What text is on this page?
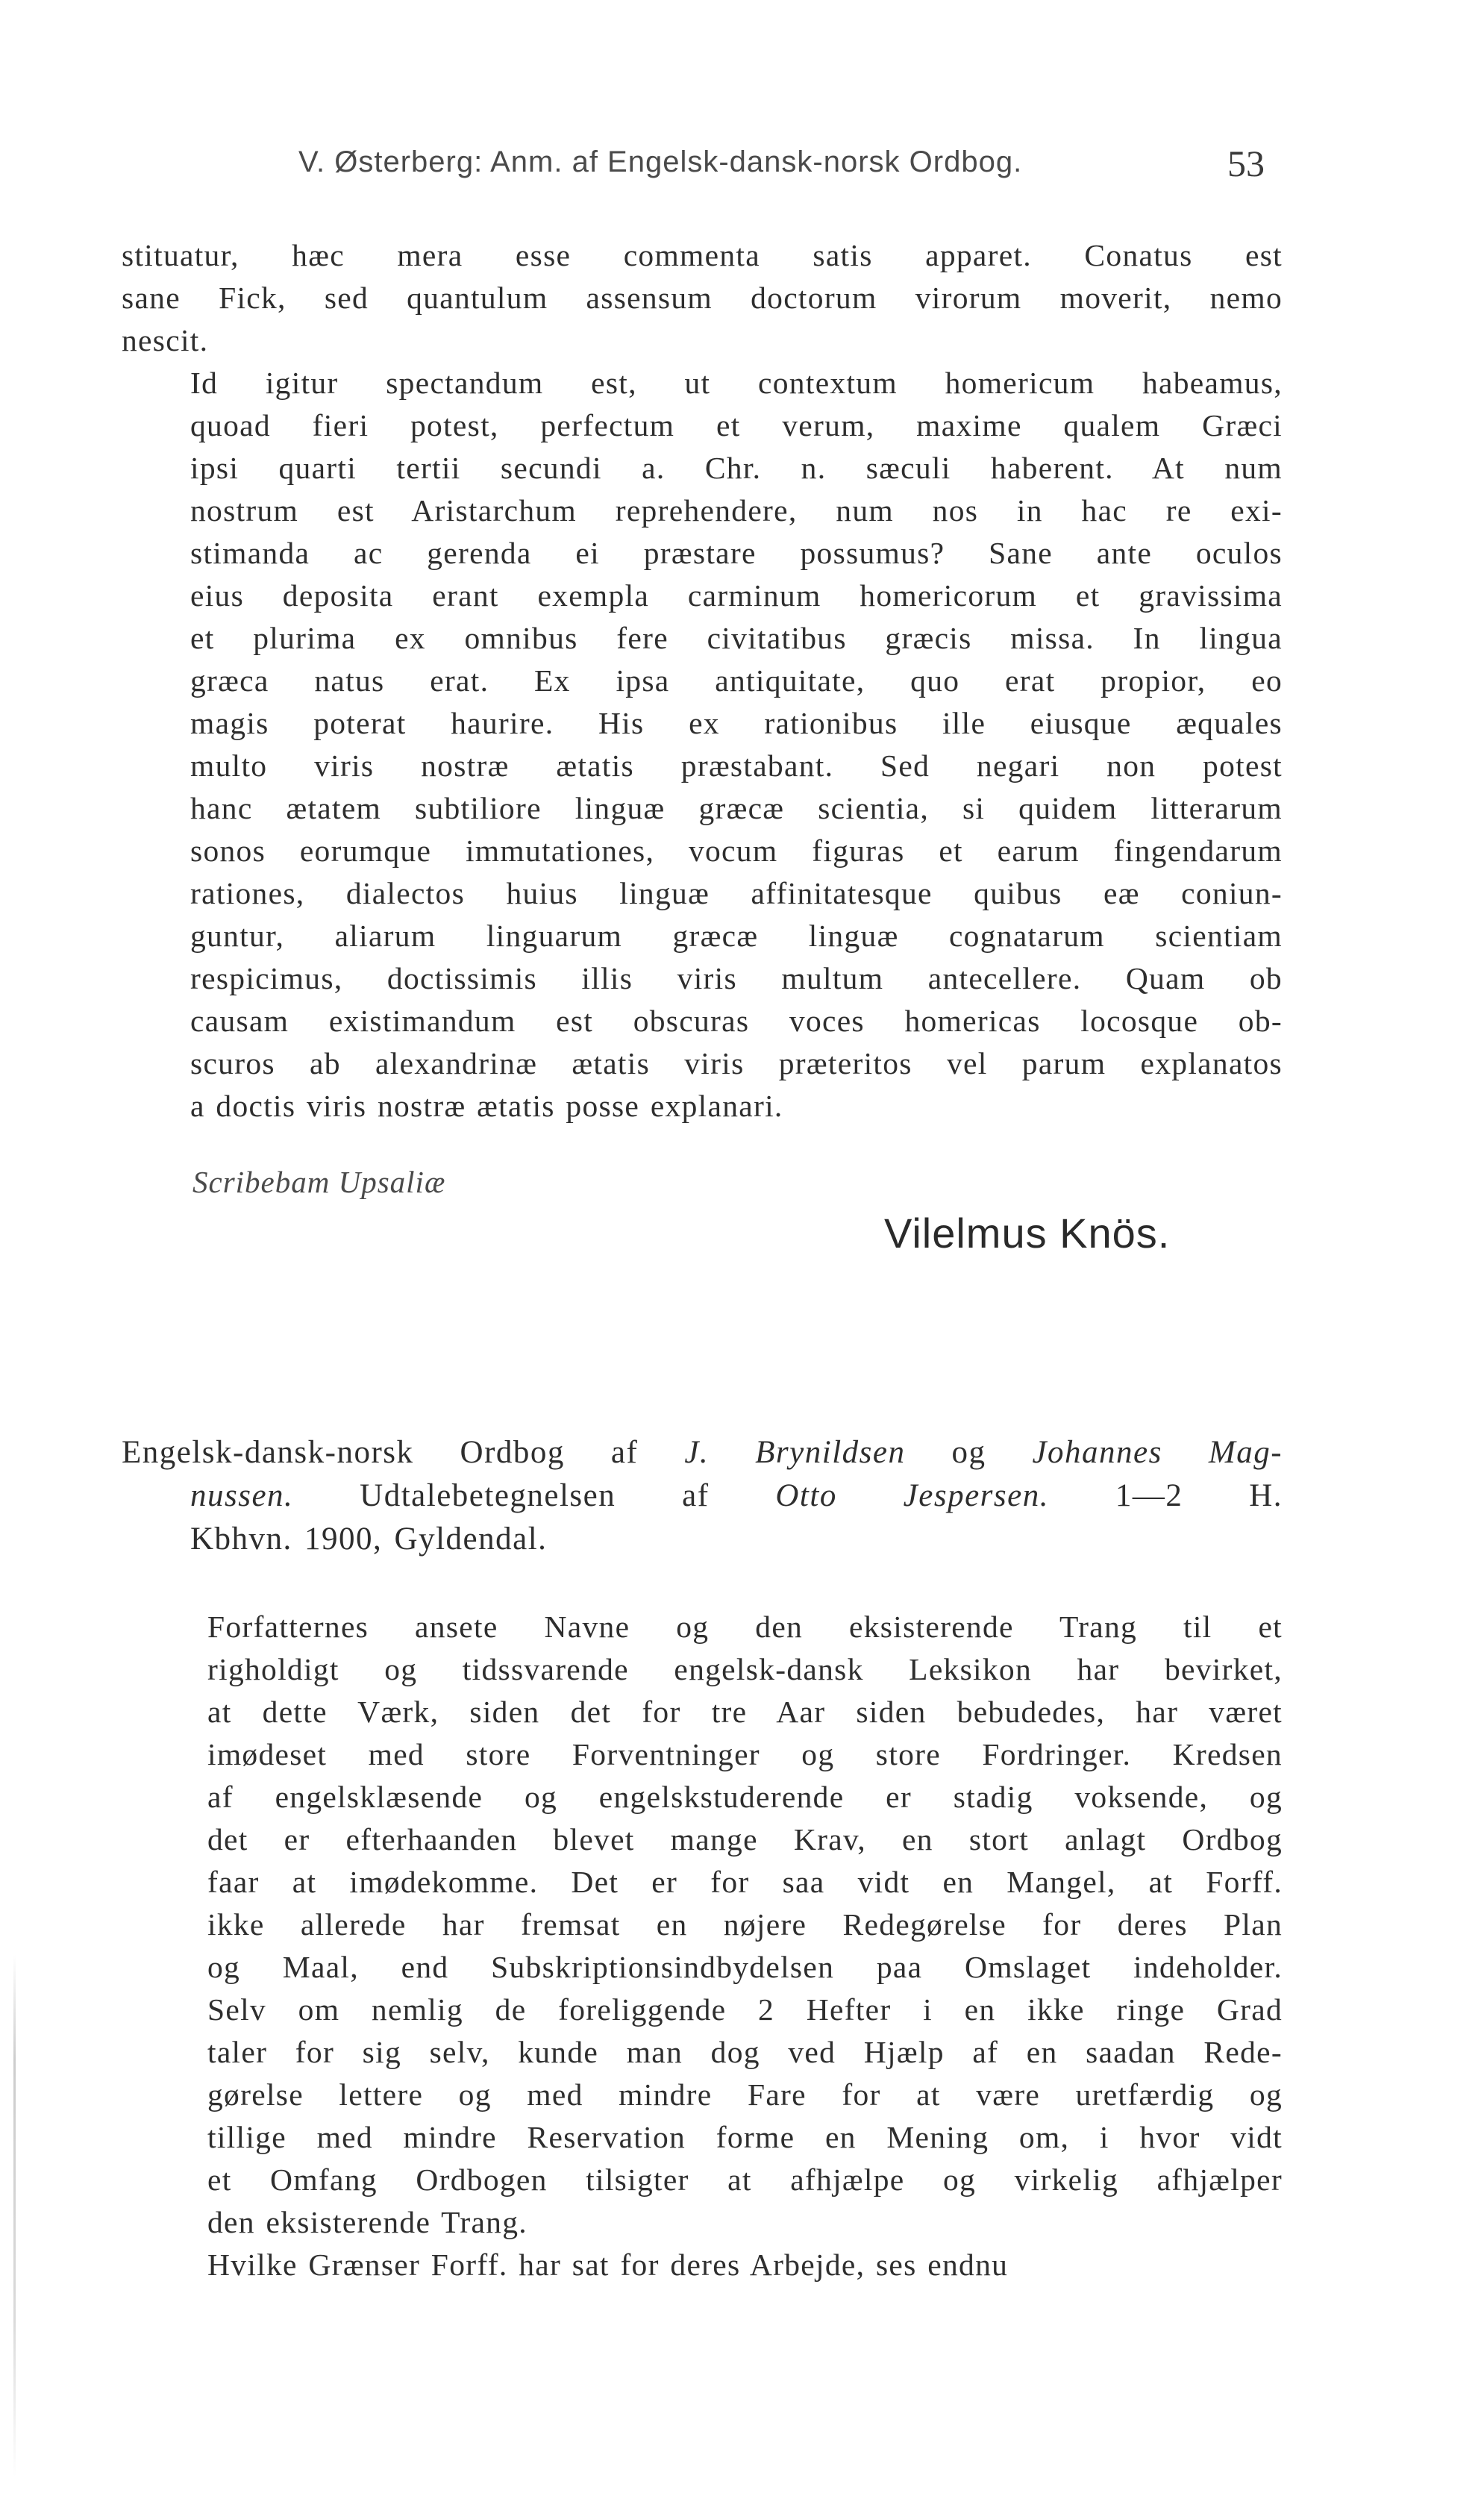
V. Østerberg: Anm. af Engelsk-dansk-norsk Ordbog.	53

stituatur, hæc mera esse commenta satis apparet. Conatus est
sane Fick, sed quantulum assensum doctorum virorum moverit, nemo
nescit.

Id igitur spectandum est, ut contextum homericum habeamus,
quoad fieri potest, perfectum et verum, maxime qualem Græci
ipsi quarti tertii secundi a. Chr. n. sæculi haberent. At num
nostrum est Aristarchum reprehendere, num nos in hac re exi-
stimanda ac gerenda ei præstare possumus? Sane ante oculos
eius deposita erant exempla carminum homericorum et gravissima
et plurima ex omnibus fere civitatibus græcis missa. In lingua
græca natus erat. Ex ipsa antiquitate, quo erat propior, eo
magis poterat haurire. His ex rationibus ille eiusque æquales
multo viris nostræ ætatis præstabant. Sed negari non potest
hanc ætatem subtiliore linguæ græcæ scientia, si quidem litterarum
sonos eorumque immutationes, vocum figuras et earum fingendarum
rationes, dialectos huius linguæ affinitatesque quibus eæ coniun-
guntur, aliarum linguarum græcæ linguæ cognatarum scientiam
respicimus, doctissimis illis viris multum antecellere. Quam ob
causam existimandum est obscuras voces homericas locosque ob-
scuros ab alexandrinæ ætatis viris præteritos vel parum explanatos
a doctis viris nostræ ætatis posse explanari.

Scribebam Upsaliæ
Vilelmus Knös.
Engelsk-dansk-norsk Ordbog af J. Brynildsen og Johannes Mag-
nussen. Udtalebetegnelsen af Otto Jespersen. 1—2 H.
Kbhvn. 1900, Gyldendal.

Forfatternes ansete Navne og den eksisterende Trang til et
righoldigt og tidssvarende engelsk-dansk Leksikon har bevirket,
at dette Værk, siden det for tre Aar siden bebudedes, har været
imødeset med store Forventninger og store Fordringer. Kredsen
af engelsklæsende og engelskstuderende er stadig voksende, og
det er efterhaanden blevet mange Krav, en stort anlagt Ordbog
faar at imødekomme. Det er for saa vidt en Mangel, at Forff.
ikke allerede har fremsat en nøjere Redegørelse for deres Plan
og Maal, end Subskriptionsindbydelsen paa Omslaget indeholder.
Selv om nemlig de foreliggende 2 Hefter i en ikke ringe Grad
taler for sig selv, kunde man dog ved Hjælp af en saadan Rede-
gørelse lettere og med mindre Fare for at være uretfærdig og
tillige med mindre Reservation forme en Mening om, i hvor vidt
et Omfang Ordbogen tilsigter at afhjælpe og virkelig afhjælper
den eksisterende Trang.

Hvilke Grænser Forff. har sat for deres Arbejde, ses endnu
